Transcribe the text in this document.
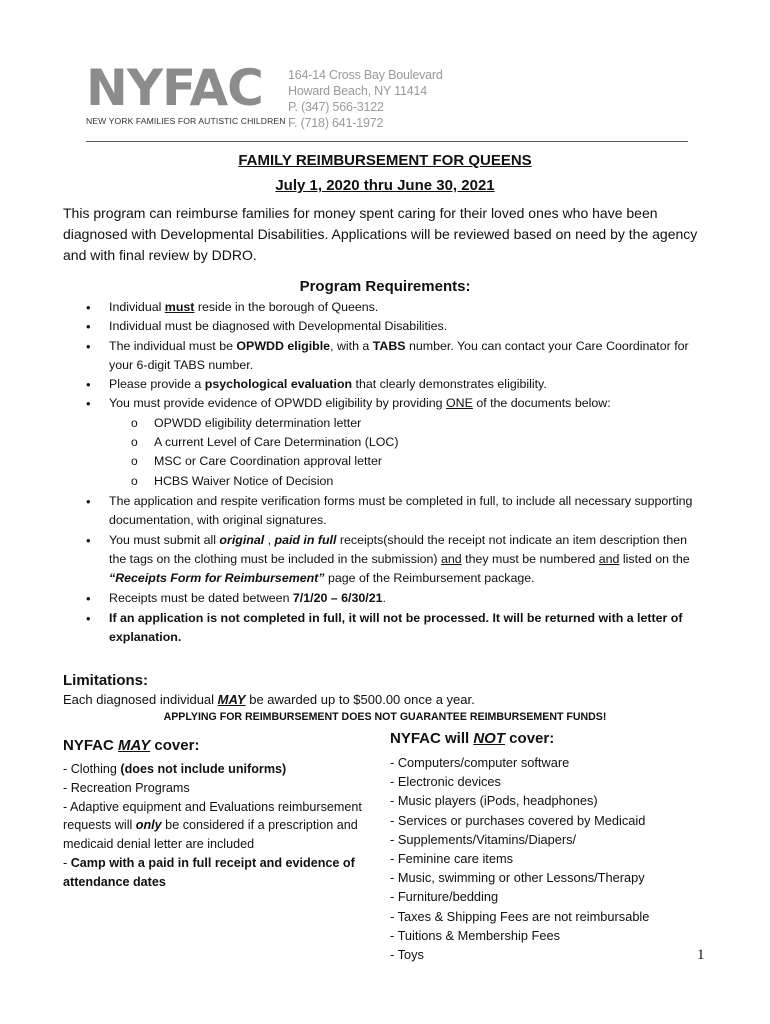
NYFAC
NEW YORK FAMILIES FOR AUTISTIC CHILDREN
164-14 Cross Bay Boulevard
Howard Beach, NY 11414
P. (347) 566-3122
F. (718) 641-1972
FAMILY REIMBURSEMENT FOR QUEENS
July 1, 2020 thru June 30, 2021
This program can reimburse families for money spent caring for their loved ones who have been diagnosed with Developmental Disabilities. Applications will be reviewed based on need by the agency and with final review by DDRO.
Program Requirements:
• Individual must reside in the borough of Queens.
• Individual must be diagnosed with Developmental Disabilities.
• The individual must be OPWDD eligible, with a TABS number. You can contact your Care Coordinator for your 6-digit TABS number.
• Please provide a psychological evaluation that clearly demonstrates eligibility.
• You must provide evidence of OPWDD eligibility by providing ONE of the documents below:
o OPWDD eligibility determination letter
o A current Level of Care Determination (LOC)
o MSC or Care Coordination approval letter
o HCBS Waiver Notice of Decision
• The application and respite verification forms must be completed in full, to include all necessary supporting documentation, with original signatures.
• You must submit all original , paid in full receipts(should the receipt not indicate an item description then the tags on the clothing must be included in the submission) and they must be numbered and listed on the “Receipts Form for Reimbursement” page of the Reimbursement package.
• Receipts must be dated between 7/1/20 – 6/30/21.
• If an application is not completed in full, it will not be processed. It will be returned with a letter of explanation.
Limitations:
Each diagnosed individual MAY be awarded up to $500.00 once a year.
APPLYING FOR REIMBURSEMENT DOES NOT GUARANTEE REIMBURSEMENT FUNDS!
NYFAC MAY cover:
- Clothing (does not include uniforms)
- Recreation Programs
- Adaptive equipment and Evaluations reimbursement requests will only be considered if a prescription and medicaid denial letter are included
- Camp with a paid in full receipt and evidence of attendance dates
NYFAC will NOT cover:
- Computers/computer software
- Electronic devices
- Music players (iPods, headphones)
- Services or purchases covered by Medicaid
- Supplements/Vitamins/Diapers/
- Feminine care items
- Music, swimming or other Lessons/Therapy
- Furniture/bedding
- Taxes & Shipping Fees are not reimbursable
- Tuitions & Membership Fees
- Toys	1
